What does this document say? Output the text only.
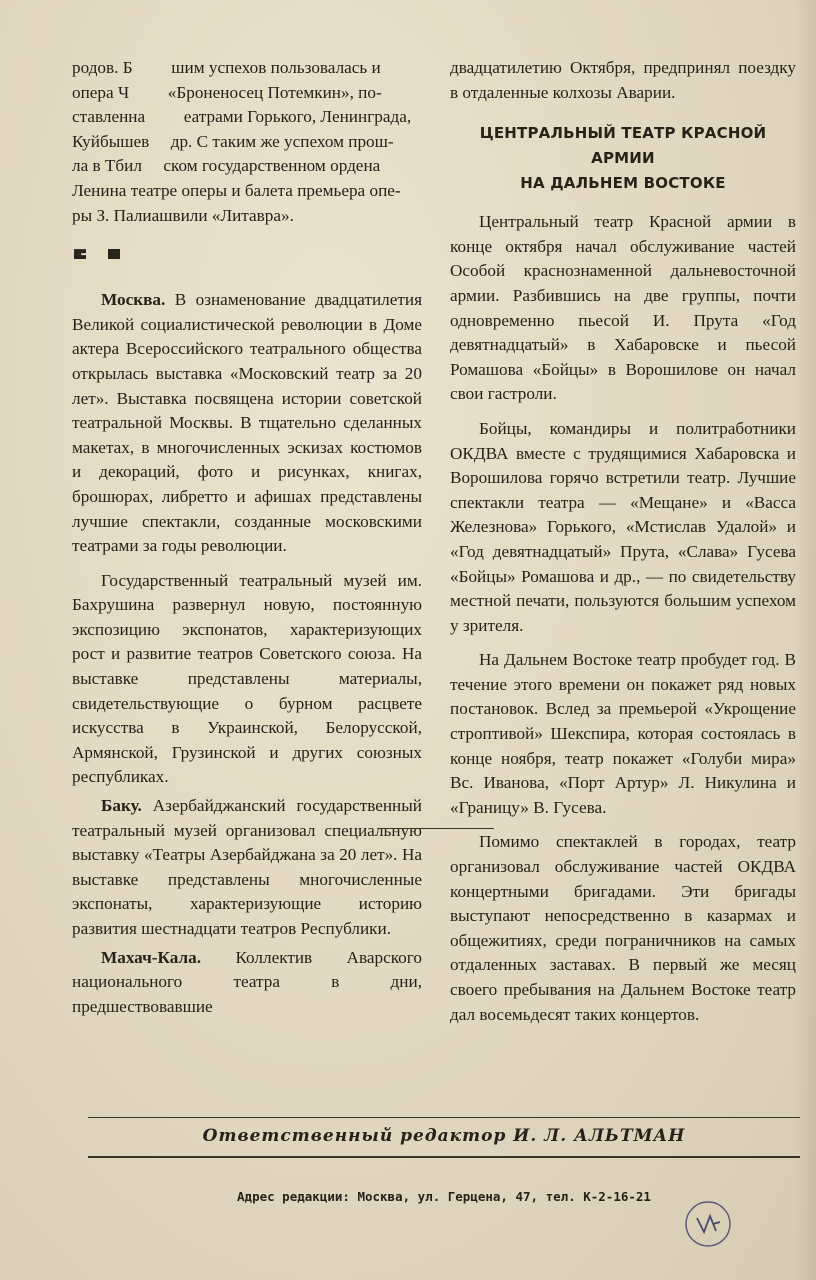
родов. Б   шим успехов пользовалась и

опера Ч   «Броненосец Потемкин», по-

ставленна   еатрами Горького, Ленинграда,

Куйбышев  др. С таким же успехом прош-

ла в Тбил  ском государственном ордена

Ленина театре оперы и балета премьера опе-

ры З. Палиашвили «Литавра».

Москва. В ознаменование двадцатилетия Великой социалистической революции в Доме актера Всероссийского театрального общества открылась выставка «Московский театр за 20 лет». Выставка посвящена истории советской театральной Москвы. В тщательно сделанных макетах, в многочисленных эскизах костюмов и декораций, фото и рисунках, книгах, брошюрах, либретто и афишах представлены лучшие спектакли, созданные московскими театрами за годы революции.

Государственный театральный музей им. Бахрушина развернул новую, постоянную экспозицию экспонатов, характеризующих рост и развитие театров Советского союза. На выставке представлены материалы, свидетельствующие о бурном расцвете искусства в Украинской, Белорусской, Армянской, Грузинской и других союзных республиках.

Баку. Азербайджанский государственный театральный музей организовал специальную выставку «Театры Азербайджана за 20 лет». На выставке представлены многочисленные экспонаты, характеризующие историю развития шестнадцати театров Республики.

Махач-Кала. Коллектив Аварского национального театра в дни, предшествовавшие

двадцатилетию Октября, предпринял поездку в отдаленные колхозы Аварии.

ЦЕНТРАЛЬНЫЙ ТЕАТР КРАСНОЙ АРМИИ
НА ДАЛЬНЕМ ВОСТОКЕ

Центральный театр Красной армии в конце октября начал обслуживание частей Особой краснознаменной дальневосточной армии. Разбившись на две группы, почти одновременно пьесой И. Прута «Год девятнадцатый» в Хабаровске и пьесой Ромашова «Бойцы» в Ворошилове он начал свои гастроли.

Бойцы, командиры и политработники ОКДВА вместе с трудящимися Хабаровска и Ворошилова горячо встретили театр. Лучшие спектакли театра — «Мещане» и «Васса Железнова» Горького, «Мстислав Удалой» и «Год девятнадцатый» Прута, «Слава» Гусева «Бойцы» Ромашова и др., — по свидетельству местной печати, пользуются большим успехом у зрителя.

На Дальнем Востоке театр пробудет год. В течение этого времени он покажет ряд новых постановок. Вслед за премьерой «Укрощение строптивой» Шекспира, которая состоялась в конце ноября, театр покажет «Голуби мира» Вс. Иванова, «Порт Артур» Л. Никулина и «Границу» В. Гусева.

Помимо спектаклей в городах, театр организовал обслуживание частей ОКДВА концертными бригадами. Эти бригады выступают непосредственно в казармах и общежитиях, среди пограничников на самых отдаленных заставах. В первый же месяц своего пребывания на Дальнем Востоке театр дал восемьдесят таких концертов.

Ответственный редактор И. Л. АЛЬТМАН
Адрес редакции: Москва, ул. Герцена, 47, тел. К-2-16-21
